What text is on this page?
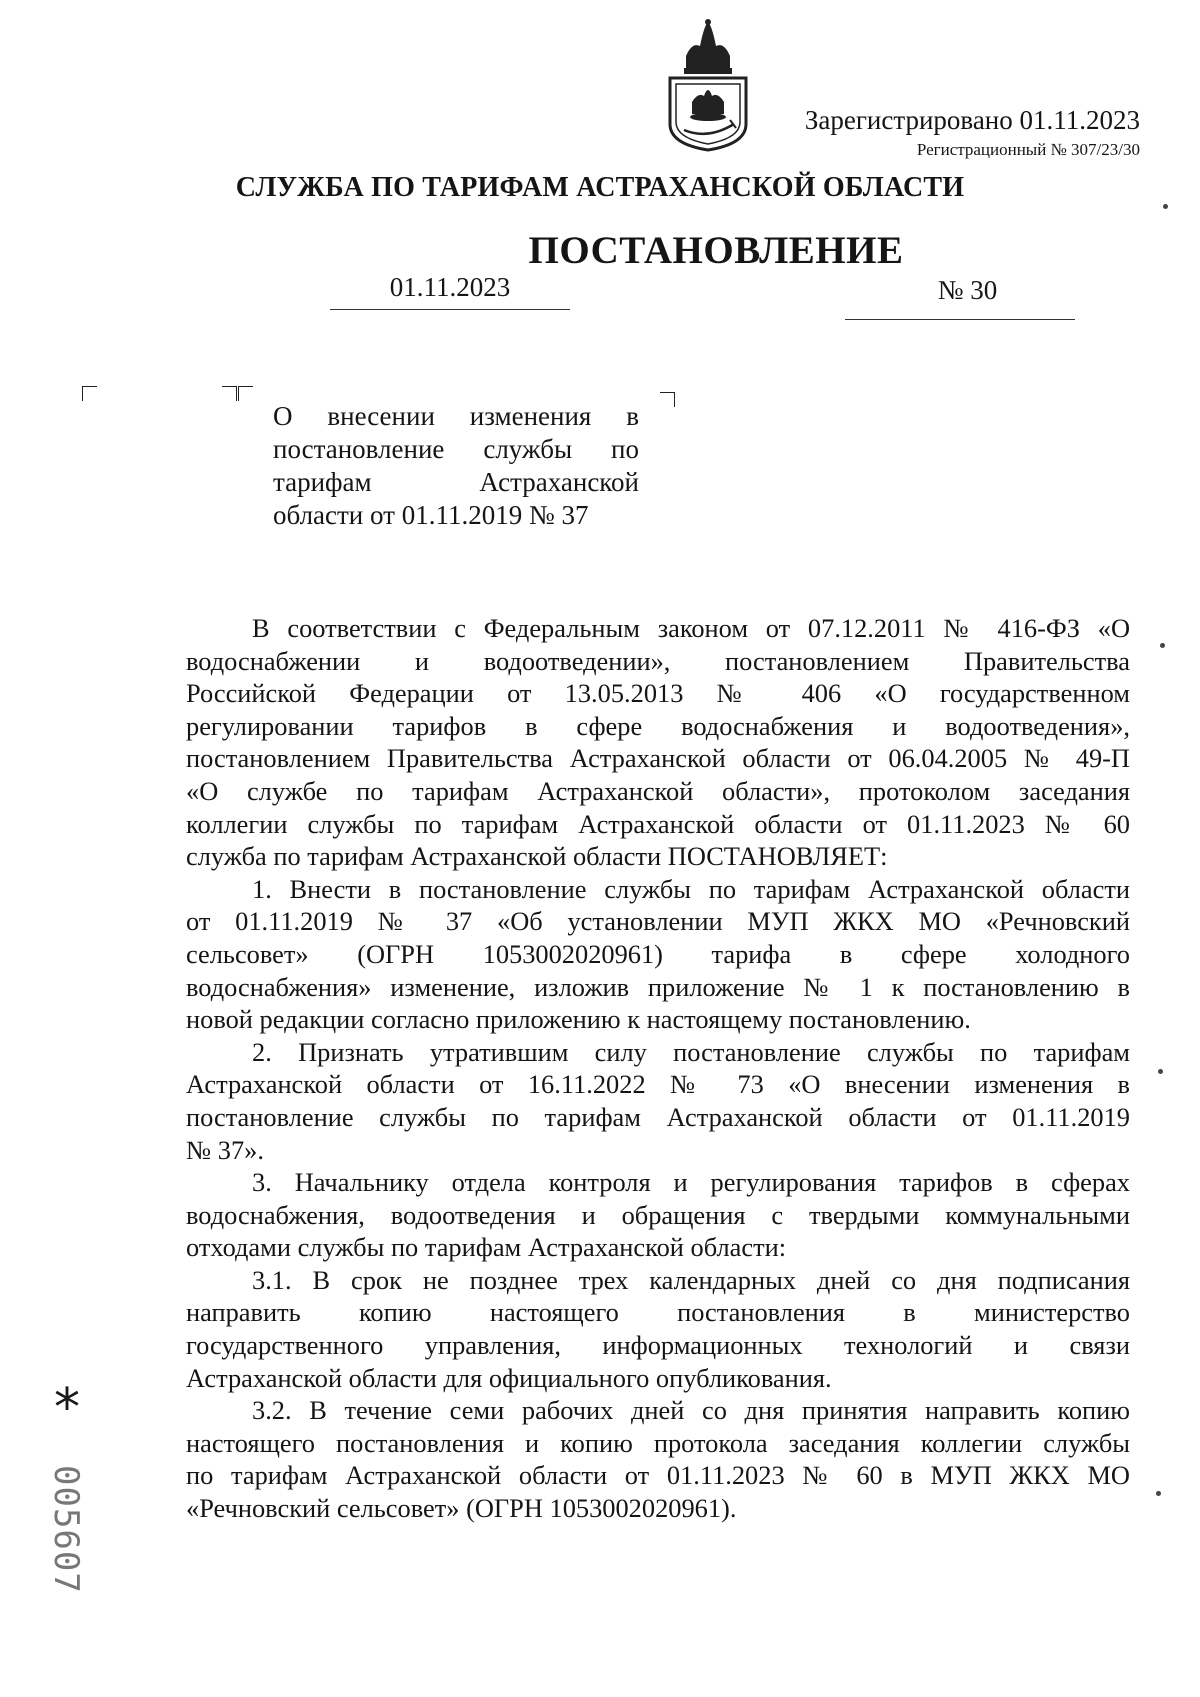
Зарегистрировано 01.11.2023
Регистрационный № 307/23/30
СЛУЖБА ПО ТАРИФАМ АСТРАХАНСКОЙ ОБЛАСТИ
ПОСТАНОВЛЕНИЕ
01.11.2023	№ 30
О внесении изменения в
постановление службы по
тарифам Астраханской
области от 01.11.2019 № 37
В соответствии с Федеральным законом от 07.12.2011 № 416-ФЗ «О
водоснабжении и водоотведении», постановлением Правительства
Российской Федерации от 13.05.2013 № 406 «О государственном
регулировании тарифов в сфере водоснабжения и водоотведения»,
постановлением Правительства Астраханской области от 06.04.2005 № 49-П
«О службе по тарифам Астраханской области», протоколом заседания
коллегии службы по тарифам Астраханской области от 01.11.2023 № 60
служба по тарифам Астраханской области ПОСТАНОВЛЯЕТ:
1. Внести в постановление службы по тарифам Астраханской области
от 01.11.2019 № 37 «Об установлении МУП ЖКХ МО «Речновский
сельсовет» (ОГРН 1053002020961) тарифа в сфере холодного
водоснабжения» изменение, изложив приложение № 1 к постановлению в
новой редакции согласно приложению к настоящему постановлению.
2. Признать утратившим силу постановление службы по тарифам
Астраханской области от 16.11.2022 № 73 «О внесении изменения в
постановление службы по тарифам Астраханской области от 01.11.2019
№ 37».
3. Начальнику отдела контроля и регулирования тарифов в сферах
водоснабжения, водоотведения и обращения с твердыми коммунальными
отходами службы по тарифам Астраханской области:
3.1. В срок не позднее трех календарных дней со дня подписания
направить копию настоящего постановления в министерство
государственного управления, информационных технологий и связи
Астраханской области для официального опубликования.
3.2. В течение семи рабочих дней со дня принятия направить копию
настоящего постановления и копию протокола заседания коллегии службы
по тарифам Астраханской области от 01.11.2023 № 60 в МУП ЖКХ МО
«Речновский сельсовет» (ОГРН 1053002020961).
*
005607
